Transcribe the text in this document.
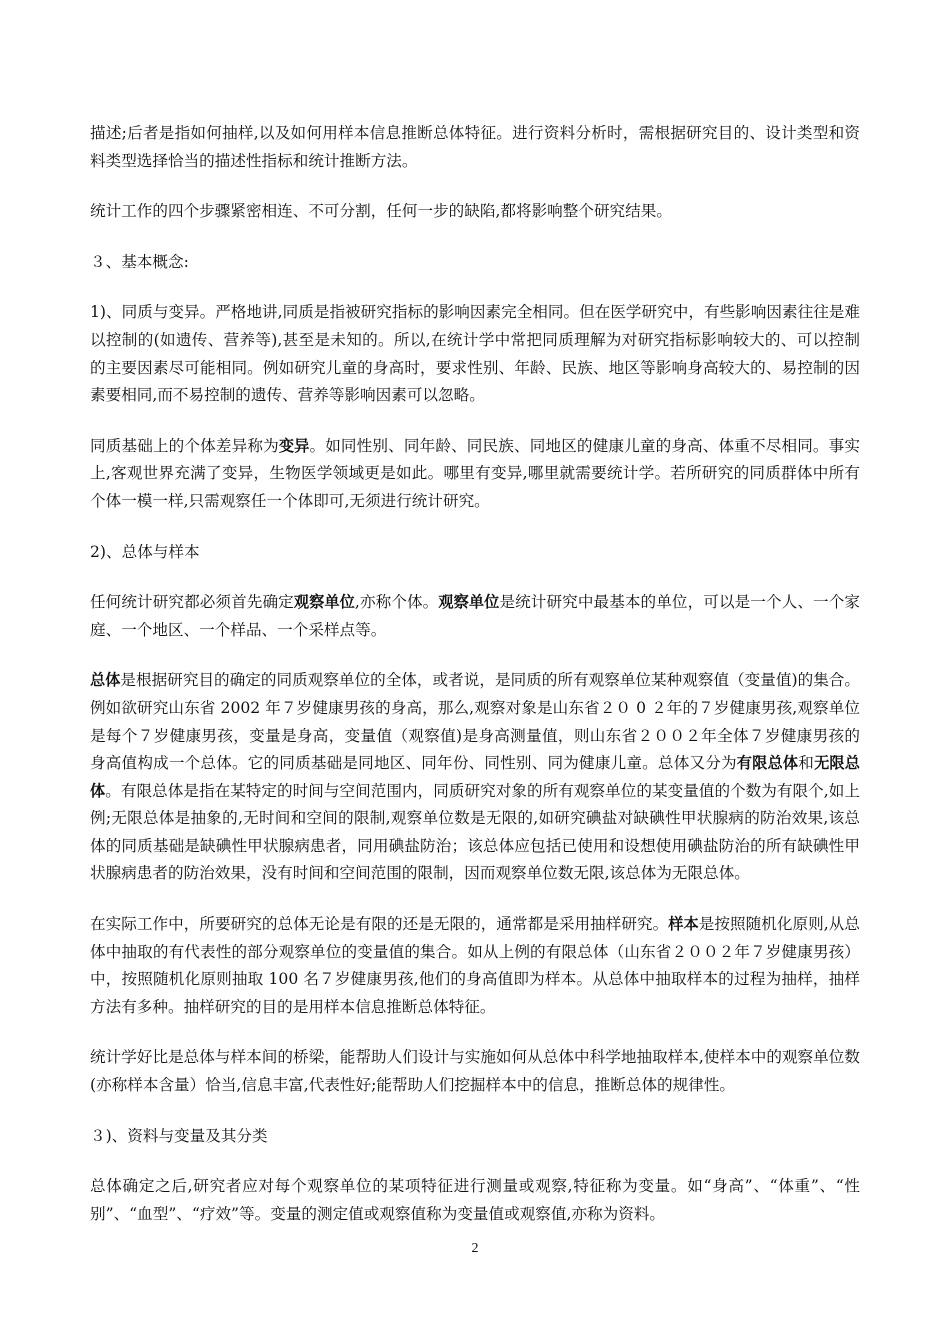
描述;后者是指如何抽样,以及如何用样本信息推断总体特征。进行资料分析时，需根据研究目的、设计类型和资料类型选择恰当的描述性指标和统计推断方法。

统计工作的四个步骤紧密相连、不可分割，任何一步的缺陷,都将影响整个研究结果。

３、基本概念:

1)、同质与变异。严格地讲,同质是指被研究指标的影响因素完全相同。但在医学研究中，有些影响因素往往是难以控制的(如遗传、营养等),甚至是未知的。所以,在统计学中常把同质理解为对研究指标影响较大的、可以控制的主要因素尽可能相同。例如研究儿童的身高时，要求性别、年龄、民族、地区等影响身高较大的、易控制的因素要相同,而不易控制的遗传、营养等影响因素可以忽略。

同质基础上的个体差异称为变异。如同性别、同年龄、同民族、同地区的健康儿童的身高、体重不尽相同。事实上,客观世界充满了变异，生物医学领域更是如此。哪里有变异,哪里就需要统计学。若所研究的同质群体中所有个体一模一样,只需观察任一个体即可,无须进行统计研究。

2)、总体与样本

任何统计研究都必须首先确定观察单位,亦称个体。观察单位是统计研究中最基本的单位，可以是一个人、一个家庭、一个地区、一个样品、一个采样点等。

总体是根据研究目的确定的同质观察单位的全体，或者说，是同质的所有观察单位某种观察值（变量值)的集合。例如欲研究山东省 2002 年７岁健康男孩的身高，那么,观察对象是山东省２０ 0 ２年的７岁健康男孩,观察单位是每个７岁健康男孩，变量是身高，变量值（观察值)是身高测量值，则山东省２００２年全体７岁健康男孩的身高值构成一个总体。它的同质基础是同地区、同年份、同性别、同为健康儿童。总体又分为有限总体和无限总体。有限总体是指在某特定的时间与空间范围内，同质研究对象的所有观察单位的某变量值的个数为有限个,如上例;无限总体是抽象的,无时间和空间的限制,观察单位数是无限的,如研究碘盐对缺碘性甲状腺病的防治效果,该总体的同质基础是缺碘性甲状腺病患者，同用碘盐防治；该总体应包括已使用和设想使用碘盐防治的所有缺碘性甲状腺病患者的防治效果，没有时间和空间范围的限制，因而观察单位数无限,该总体为无限总体。

在实际工作中，所要研究的总体无论是有限的还是无限的，通常都是采用抽样研究。样本是按照随机化原则,从总体中抽取的有代表性的部分观察单位的变量值的集合。如从上例的有限总体（山东省２００２年７岁健康男孩）中，按照随机化原则抽取 100 名７岁健康男孩,他们的身高值即为样本。从总体中抽取样本的过程为抽样，抽样方法有多种。抽样研究的目的是用样本信息推断总体特征。

统计学好比是总体与样本间的桥梁，能帮助人们设计与实施如何从总体中科学地抽取样本,使样本中的观察单位数(亦称样本含量）恰当,信息丰富,代表性好;能帮助人们挖掘样本中的信息，推断总体的规律性。

３)、资料与变量及其分类

总体确定之后,研究者应对每个观察单位的某项特征进行测量或观察,特征称为变量。如“身高”、“体重”、“性别”、“血型”、“疗效”等。变量的测定值或观察值称为变量值或观察值,亦称为资料。

2
